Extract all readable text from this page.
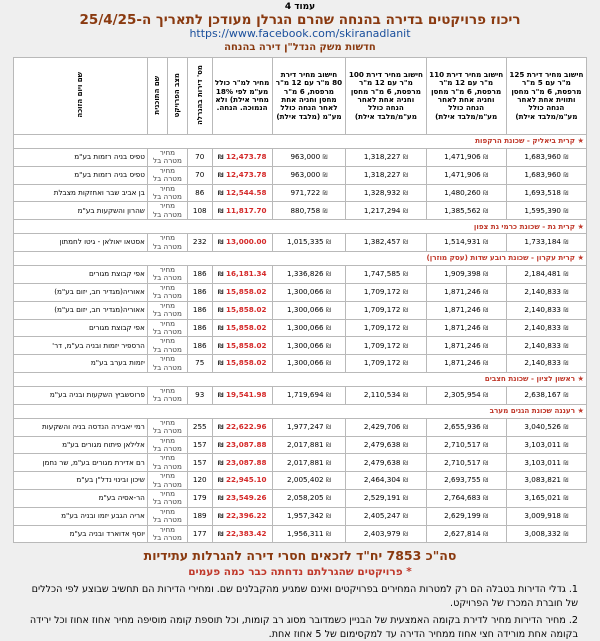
עמוד 4
ריכוז פרויקטים בדירה בהנחה שהרם הגרלן מעודכן לתאריך ה-25/4/25
https://www.facebook.com/skiranadlanit
חדשות משק הנדל"ן דירה בהנחה
חישוב מחיר דירת 125 מ"ר עם 5 מ"ר מרפסת, 6 מ"ר מחסן ותווית אחת לאחר הנחה כולל מע"מ/מלבד אילת)	חישוב מחיר דירת 110 מ"ר עם 12 מ"ר מרפסת, 6 מ"ר מחסן וחניה אחת לאחר הנחה כולל מע"מ/מלבד אילת)	חישוב מחיר דירת 100 מ"ר עם 12 מ"ר מרפסת, 6 מ"ר מחסן וחניה אחת לאחר הנחה כולל מע"מ/מלבד אילת)	חישוב מחיר דירת 80 מ"ר עם 12 מ"ר מרפסת, 6 מ"ר מחסן וחניה אחת לאחר הנחה כולל מע"מ (מלבד אילת)	מחיר למ"ר כולל מע"מ לפי 18% מחיר אילת) ולא הנמוכה. הנחה.	מס' דירות בהגרלה	מצב הפרויקט	שם התוכנית	שם ויום הזוכה
★ קרית ביאליק - שכונת הרקפות								
₪ 1,683,960	₪ 1,471,906	₪ 1,318,227	₪ 963,000	12,473.78 ₪	70	מחיר מטרה בל		טפיס בניה רזמות בע"מ
₪ 1,683,960	₪ 1,471,906	₪ 1,318,227	₪ 963,000	12,473.78 ₪	70	מחיר מטרה בל		טפיס בניה רזמות בע"מ
₪ 1,693,518	₪ 1,480,260	₪ 1,328,932	₪ 971,722	12,544.58 ₪	86	מחיר מטרה בל		בן אביב שבר ואחזקות מצבלת
₪ 1,595,390	₪ 1,385,562	₪ 1,217,294	₪ 880,758	11,817.70 ₪	108	מחיר מטרה בל		שהרון והשקעות בע"מ
★ קרית גת - שכונת כרמי גת צפון								
₪ 1,733,184	₪ 1,514,931	₪ 1,382,457	₪ 1,015,335	13,000.00 ₪	232	מחיר מטרה בל		אסטאו יאולאן - גיטו לחמתון
★ קרית עקרון - שכונת רובע שדות (עסק מוזרן)								
₪ 2,184,481	₪ 1,909,398	₪ 1,747,585	₪ 1,336,826	16,181.34 ₪	186	מחיר מטרה בל		אפי קבוצת מגורים
₪ 2,140,833	₪ 1,871,246	₪ 1,709,172	₪ 1,300,066	15,858.02 ₪	186	מחיר מטרה בל		אאוריה(מגדיר חב, יזום בע"מ)
₪ 2,140,833	₪ 1,871,246	₪ 1,709,172	₪ 1,300,066	15,858.02 ₪	186	מחיר מטרה בל		אאוריה(מגדיר חב, יזום בע"מ)
₪ 2,140,833	₪ 1,871,246	₪ 1,709,172	₪ 1,300,066	15,858.02 ₪	186	מחיר מטרה בל		אפי קבוצת מגורים
₪ 2,140,833	₪ 1,871,246	₪ 1,709,172	₪ 1,300,066	15,858.02 ₪	186	מחיר מטרה בל		הרספיר יזמות ובניה בע"מ, דר'
₪ 2,140,833	₪ 1,871,246	₪ 1,709,172	₪ 1,300,066	15,858.02 ₪	75	מחיר מטרה בל		יזמות בערב בע"מ
★ ראשון לציון - שכונת חצבים								
₪ 2,638,167	₪ 2,305,954	₪ 2,110,534	₪ 1,719,694	19,541.98 ₪	93	מחיר מטרה בל		פרוסשביץ השקעות ובניה בע"מ
★ רעננה שכונת הגנים מערב								
₪ 3,040,526	₪ 2,655,936	₪ 2,429,706	₪ 1,977,247	22,622.96 ₪	255	מחיר מטרה בל		רמי יאבירה הנדסה בניה והשקעות
₪ 3,103,011	₪ 2,710,517	₪ 2,479,638	₪ 2,017,881	23,087.88 ₪	157	מחיר מטרה בל		אלילאן פיתוח מגורים בע"מ
₪ 3,103,011	₪ 2,710,517	₪ 2,479,638	₪ 2,017,881	23,087.88 ₪	157	מחיר מטרה בל		רם אדירת מגורים בע"מ, שר נחמן
₪ 3,083,821	₪ 2,693,755	₪ 2,464,304	₪ 2,005,402	22,945.10 ₪	120	מחיר מטרה בל		שיכון ובינוי נדל"ן בע"מ
₪ 3,165,021	₪ 2,764,683	₪ 2,529,191	₪ 2,058,205	23,549.26 ₪	179	מחיר מטרה בל		הר-אסיה בע"מ
₪ 3,009,918	₪ 2,629,199	₪ 2,405,247	₪ 1,957,342	22,396.22 ₪	189	מחיר מטרה בל		אריה הגבע יזמו ובניה בע"מ
₪ 3,008,332	₪ 2,627,814	₪ 2,403,979	₪ 1,956,311	22,383.42 ₪	177	מחיר מטרה בל		יוסף אדוארד ובניה בע"מ
סה"כ 7853 יח"ד לזכאים חסרי דירה להגרלות עתידיות
* פרויקטים שהגרלתם נדחתה כבר כמה פעמים

1. גדלי הדירות בטבלה הם רק למטרות המחירים בפרויקטים ואינם שמגיע מהקבלנים שם. ומחירי הדירות הם תחשיב שבוצע לפי הכללים של חוברת המכרז של הפרויקט.

2. מחיר הדירות מחיר לדירת בקומה האמצעית של הבניין כשמדובר מסוג רב קומות, וכל תוספת קומה מוסיפה מחיר אחוז אחוז וכל ירידה בקומה אחת מורידה חצי אחוז ממחיר הדירה עד למקסימום של 5 אחוז אחת.
